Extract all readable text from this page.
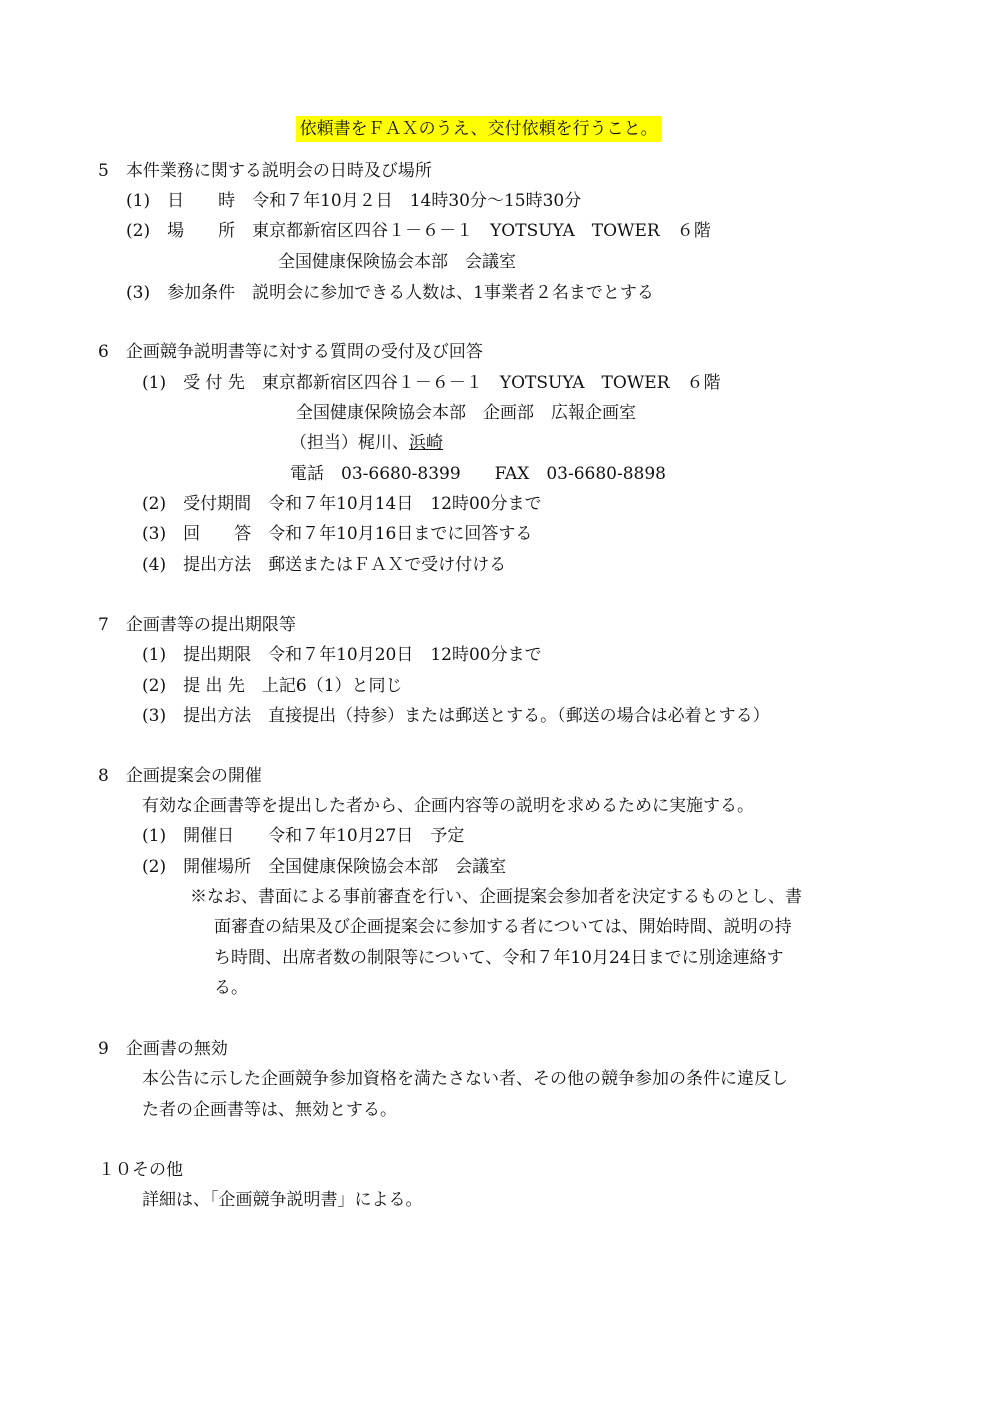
依頼書をＦＡＸのうえ、交付依頼を行うこと。

5　本件業務に関する説明会の日時及び場所
(1)　日　　時　令和７年10月２日　14時30分～15時30分
(2)　場　　所　東京都新宿区四谷１－６－１　YOTSUYA　TOWER　６階
全国健康保険協会本部　会議室
(3)　参加条件　説明会に参加できる人数は、1事業者２名までとする
6　企画競争説明書等に対する質問の受付及び回答
(1)　受 付 先　東京都新宿区四谷１－６－１　YOTSUYA　TOWER　６階
全国健康保険協会本部　企画部　広報企画室
（担当）梶川、浜崎
電話　03-6680-8399　　FAX　03-6680-8898
(2)　受付期間　令和７年10月14日　12時00分まで
(3)　回　　答　令和７年10月16日までに回答する
(4)　提出方法　郵送またはＦＡＸで受け付ける
7　企画書等の提出期限等
(1)　提出期限　令和７年10月20日　12時00分まで
(2)　提 出 先　上記6（1）と同じ
(3)　提出方法　直接提出（持参）または郵送とする。（郵送の場合は必着とする）
8　企画提案会の開催
有効な企画書等を提出した者から、企画内容等の説明を求めるために実施する。
(1)　開催日　　令和７年10月27日　予定
(2)　開催場所　全国健康保険協会本部　会議室
※なお、書面による事前審査を行い、企画提案会参加者を決定するものとし、書
面審査の結果及び企画提案会に参加する者については、開始時間、説明の持
ち時間、出席者数の制限等について、令和７年10月24日までに別途連絡す
る。
9　企画書の無効
本公告に示した企画競争参加資格を満たさない者、その他の競争参加の条件に違反し
た者の企画書等は、無効とする。
１０その他
詳細は、「企画競争説明書」による。
